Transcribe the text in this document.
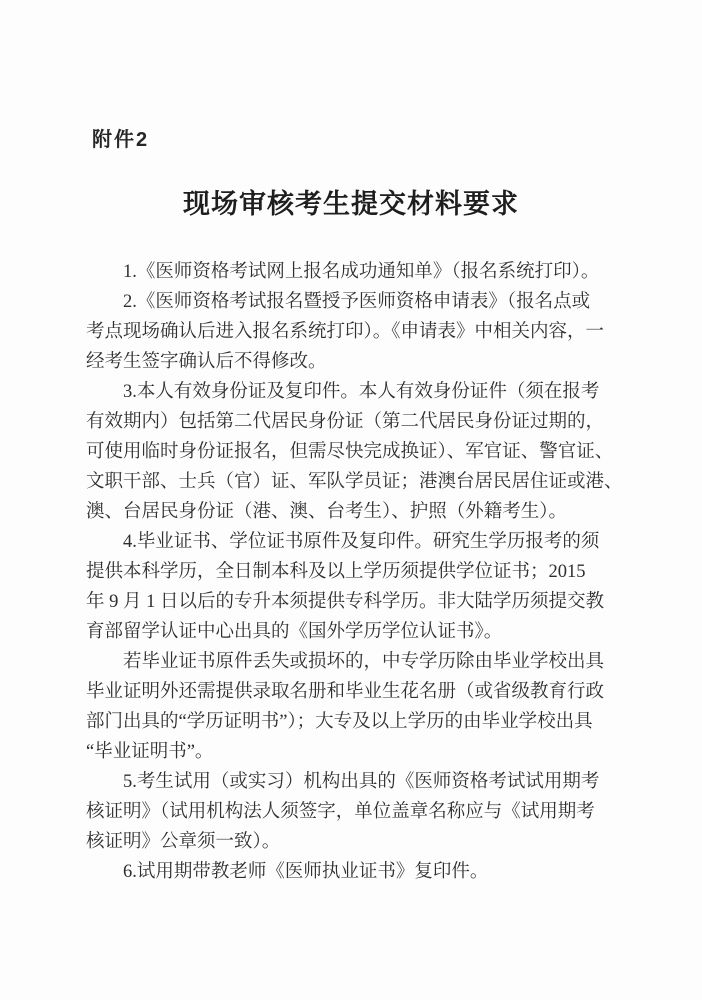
附件2
现场审核考生提交材料要求
1.《医师资格考试网上报名成功通知单》（报名系统打印）。
2.《医师资格考试报名暨授予医师资格申请表》（报名点或
考点现场确认后进入报名系统打印）。《申请表》中相关内容，一
经考生签字确认后不得修改。
3.本人有效身份证及复印件。本人有效身份证件（须在报考
有效期内）包括第二代居民身份证（第二代居民身份证过期的，
可使用临时身份证报名，但需尽快完成换证）、军官证、警官证、
文职干部、士兵（官）证、军队学员证；港澳台居民居住证或港、
澳、台居民身份证（港、澳、台考生）、护照（外籍考生）。
4.毕业证书、学位证书原件及复印件。研究生学历报考的须
提供本科学历，全日制本科及以上学历须提供学位证书；2015
年 9 月 1 日以后的专升本须提供专科学历。非大陆学历须提交教
育部留学认证中心出具的《国外学历学位认证书》。
若毕业证书原件丢失或损坏的，中专学历除由毕业学校出具
毕业证明外还需提供录取名册和毕业生花名册（或省级教育行政
部门出具的“学历证明书”）；大专及以上学历的由毕业学校出具
“毕业证明书”。
5.考生试用（或实习）机构出具的《医师资格考试试用期考
核证明》（试用机构法人须签字，单位盖章名称应与《试用期考
核证明》公章须一致）。
6.试用期带教老师《医师执业证书》复印件。
